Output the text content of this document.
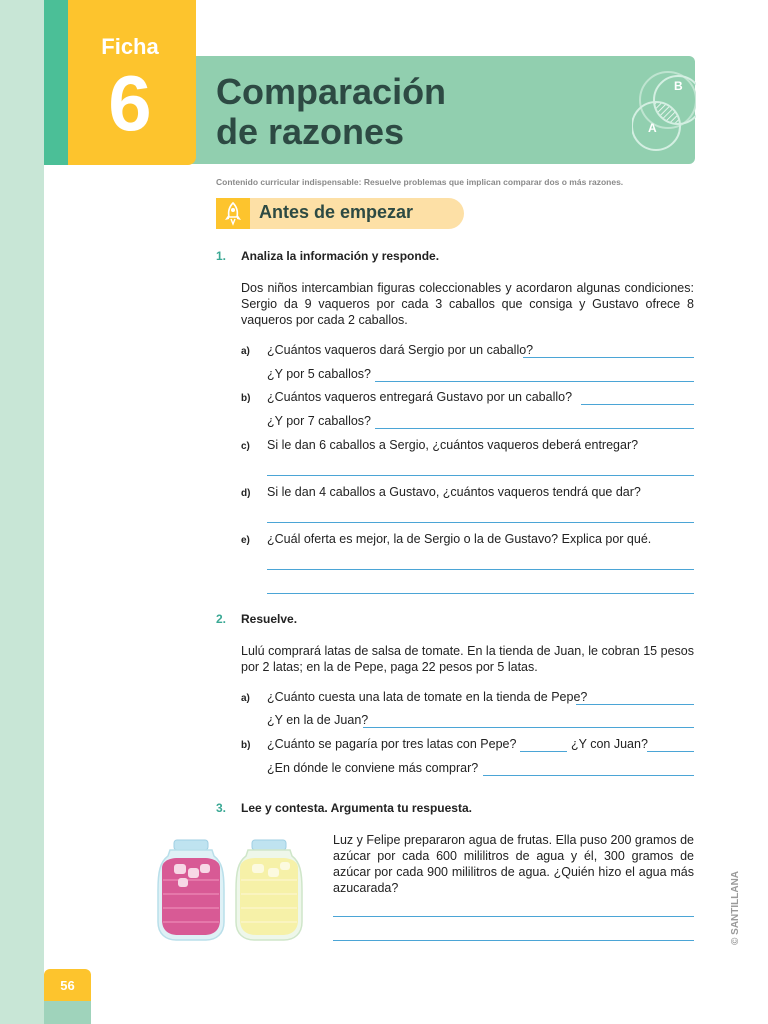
Ficha
6	Comparación
de razones	A
B
Contenido curricular indispensable: Resuelve problemas que implican comparar dos o más razones.
Antes de empezar
1. Analiza la información y responde.
Dos niños intercambian figuras coleccionables y acordaron algunas condiciones: Sergio da 9 vaqueros por cada 3 caballos que consiga y Gustavo ofrece 8 vaqueros por cada 2 caballos.
a) ¿Cuántos vaqueros dará Sergio por un caballo?
¿Y por 5 caballos?
b) ¿Cuántos vaqueros entregará Gustavo por un caballo?
¿Y por 7 caballos?
c) Si le dan 6 caballos a Sergio, ¿cuántos vaqueros deberá entregar?
d) Si le dan 4 caballos a Gustavo, ¿cuántos vaqueros tendrá que dar?
e) ¿Cuál oferta es mejor, la de Sergio o la de Gustavo? Explica por qué.
2. Resuelve.
Lulú comprará latas de salsa de tomate. En la tienda de Juan, le cobran 15 pesos por 2 latas; en la de Pepe, paga 22 pesos por 5 latas.
a) ¿Cuánto cuesta una lata de tomate en la tienda de Pepe?
¿Y en la de Juan?
b) ¿Cuánto se pagaría por tres latas con Pepe?	¿Y con Juan?
¿En dónde le conviene más comprar?
3. Lee y contesta. Argumenta tu respuesta.
Luz y Felipe prepararon agua de frutas. Ella puso 200 gramos de azúcar por cada 600 mililitros de agua y él, 300 gramos de azúcar por cada 900 mililitros de agua. ¿Quién hizo el agua más azucarada?
56
© SANTILLANA
